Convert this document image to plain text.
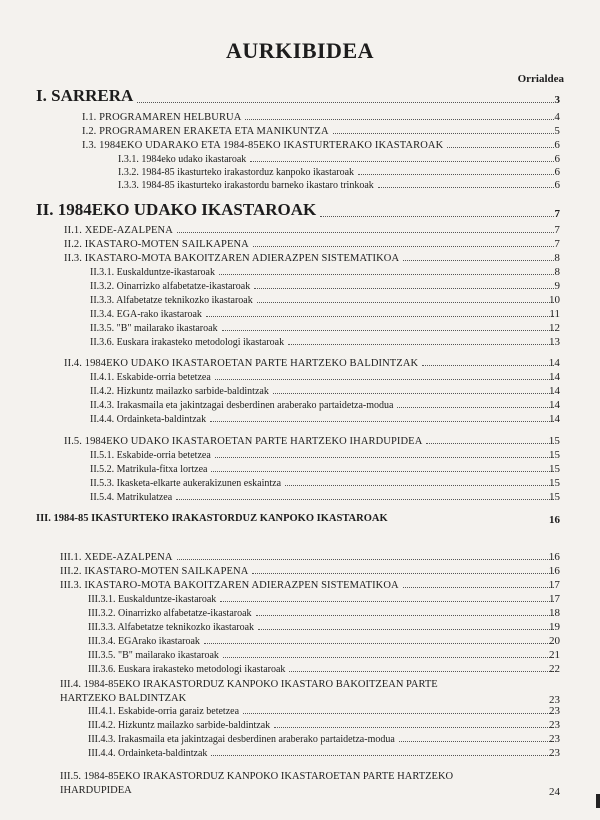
AURKIBIDEA
Orrialdea
I. SARRERA	3
I.1. PROGRAMAREN HELBURUA	4
I.2. PROGRAMAREN ERAKETA ETA MANIKUNTZA	5
I.3. 1984EKO UDARAKO ETA 1984-85EKO IKASTURTERAKO IKASTAROAK	6
I.3.1. 1984eko udako ikastaroak	6
I.3.2. 1984-85 ikasturteko irakastorduz kanpoko ikastaroak	6
I.3.3. 1984-85 ikasturteko irakastordu barneko ikastaro trinkoak	6
II. 1984EKO UDAKO IKASTAROAK	7
II.1. XEDE-AZALPENA	7
II.2. IKASTARO-MOTEN SAILKAPENA	7
II.3. IKASTARO-MOTA BAKOITZAREN ADIERAZPEN SISTEMATIKOA	8
II.3.1. Euskalduntze-ikastaroak	8
II.3.2. Oinarrizko alfabetatze-ikastaroak	9
II.3.3. Alfabetatze teknikozko ikastaroak	10
II.3.4. EGA-rako ikastaroak	11
II.3.5. "B" mailarako ikastaroak	12
II.3.6. Euskara irakasteko metodologi ikastaroak	13
II.4. 1984EKO UDAKO IKASTAROETAN PARTE HARTZEKO BALDINTZAK	14
II.4.1. Eskabide-orria betetzea	14
II.4.2. Hizkuntz mailazko sarbide-baldintzak	14
II.4.3. Irakasmaila eta jakintzagai desberdinen araberako partaidetza-modua	14
II.4.4. Ordainketa-baldintzak	14
II.5. 1984EKO UDAKO IKASTAROETAN PARTE HARTZEKO IHARDUPIDEA	15
II.5.1. Eskabide-orria betetzea	15
II.5.2. Matrikula-fitxa lortzea	15
II.5.3. Ikasketa-elkarte aukerakizunen eskaintza	15
II.5.4. Matrikulatzea	15
III. 1984-85 IKASTURTEKO IRAKASTORDUZ KANPOKO IKASTAROAK	16
III.1. XEDE-AZALPENA	16
III.2. IKASTARO-MOTEN SAILKAPENA	16
III.3. IKASTARO-MOTA BAKOITZAREN ADIERAZPEN SISTEMATIKOA	17
III.3.1. Euskalduntze-ikastaroak	17
III.3.2. Oinarrizko alfabetatze-ikastaroak	18
III.3.3. Alfabetatze teknikozko ikastaroak	19
III.3.4. EGArako ikastaroak	20
III.3.5. "B" mailarako ikastaroak	21
III.3.6. Euskara irakasteko metodologi ikastaroak	22
III.4. 1984-85EKO IRAKASTORDUZ KANPOKO IKASTARO BAKOITZEAN PARTE HARTZEKO BALDINTZAK	23
III.4.1. Eskabide-orria garaiz betetzea	23
III.4.2. Hizkuntz mailazko sarbide-baldintzak	23
III.4.3. Irakasmaila eta jakintzagai desberdinen araberako partaidetza-modua	23
III.4.4. Ordainketa-baldintzak	23
III.5. 1984-85EKO IRAKASTORDUZ KANPOKO IKASTAROETAN PARTE HARTZEKO IHARDUPIDEA	24
